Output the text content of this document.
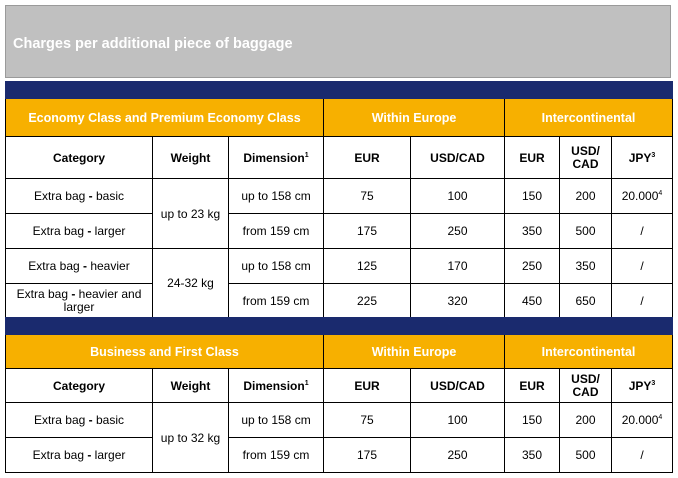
Charges per additional piece of baggage

Economy Class and Premium Economy Class			Within Europe		Intercontinental		
Category	Weight	Dimension$^1$	EUR	USD/CAD	EUR	USD/ CAD	JPY$^3$
Extra bag - basic	up to 23 kg	up to 158 cm	75	100	150	200	20.000$^4$
Extra bag - larger		from 159 cm	175	250	350	500	/
Extra bag - heavier	24-32 kg	up to 158 cm	125	170	250	350	/
Extra bag - heavier and larger		from 159 cm	225	320	450	650	/

Business and First Class			Within Europe		Intercontinental		
Category	Weight	Dimension$^1$	EUR	USD/CAD	EUR	USD/ CAD	JPY$^3$
Extra bag - basic	up to 32 kg	up to 158 cm	75	100	150	200	20.000$^4$
Extra bag - larger		from 159 cm	175	250	350	500	/
